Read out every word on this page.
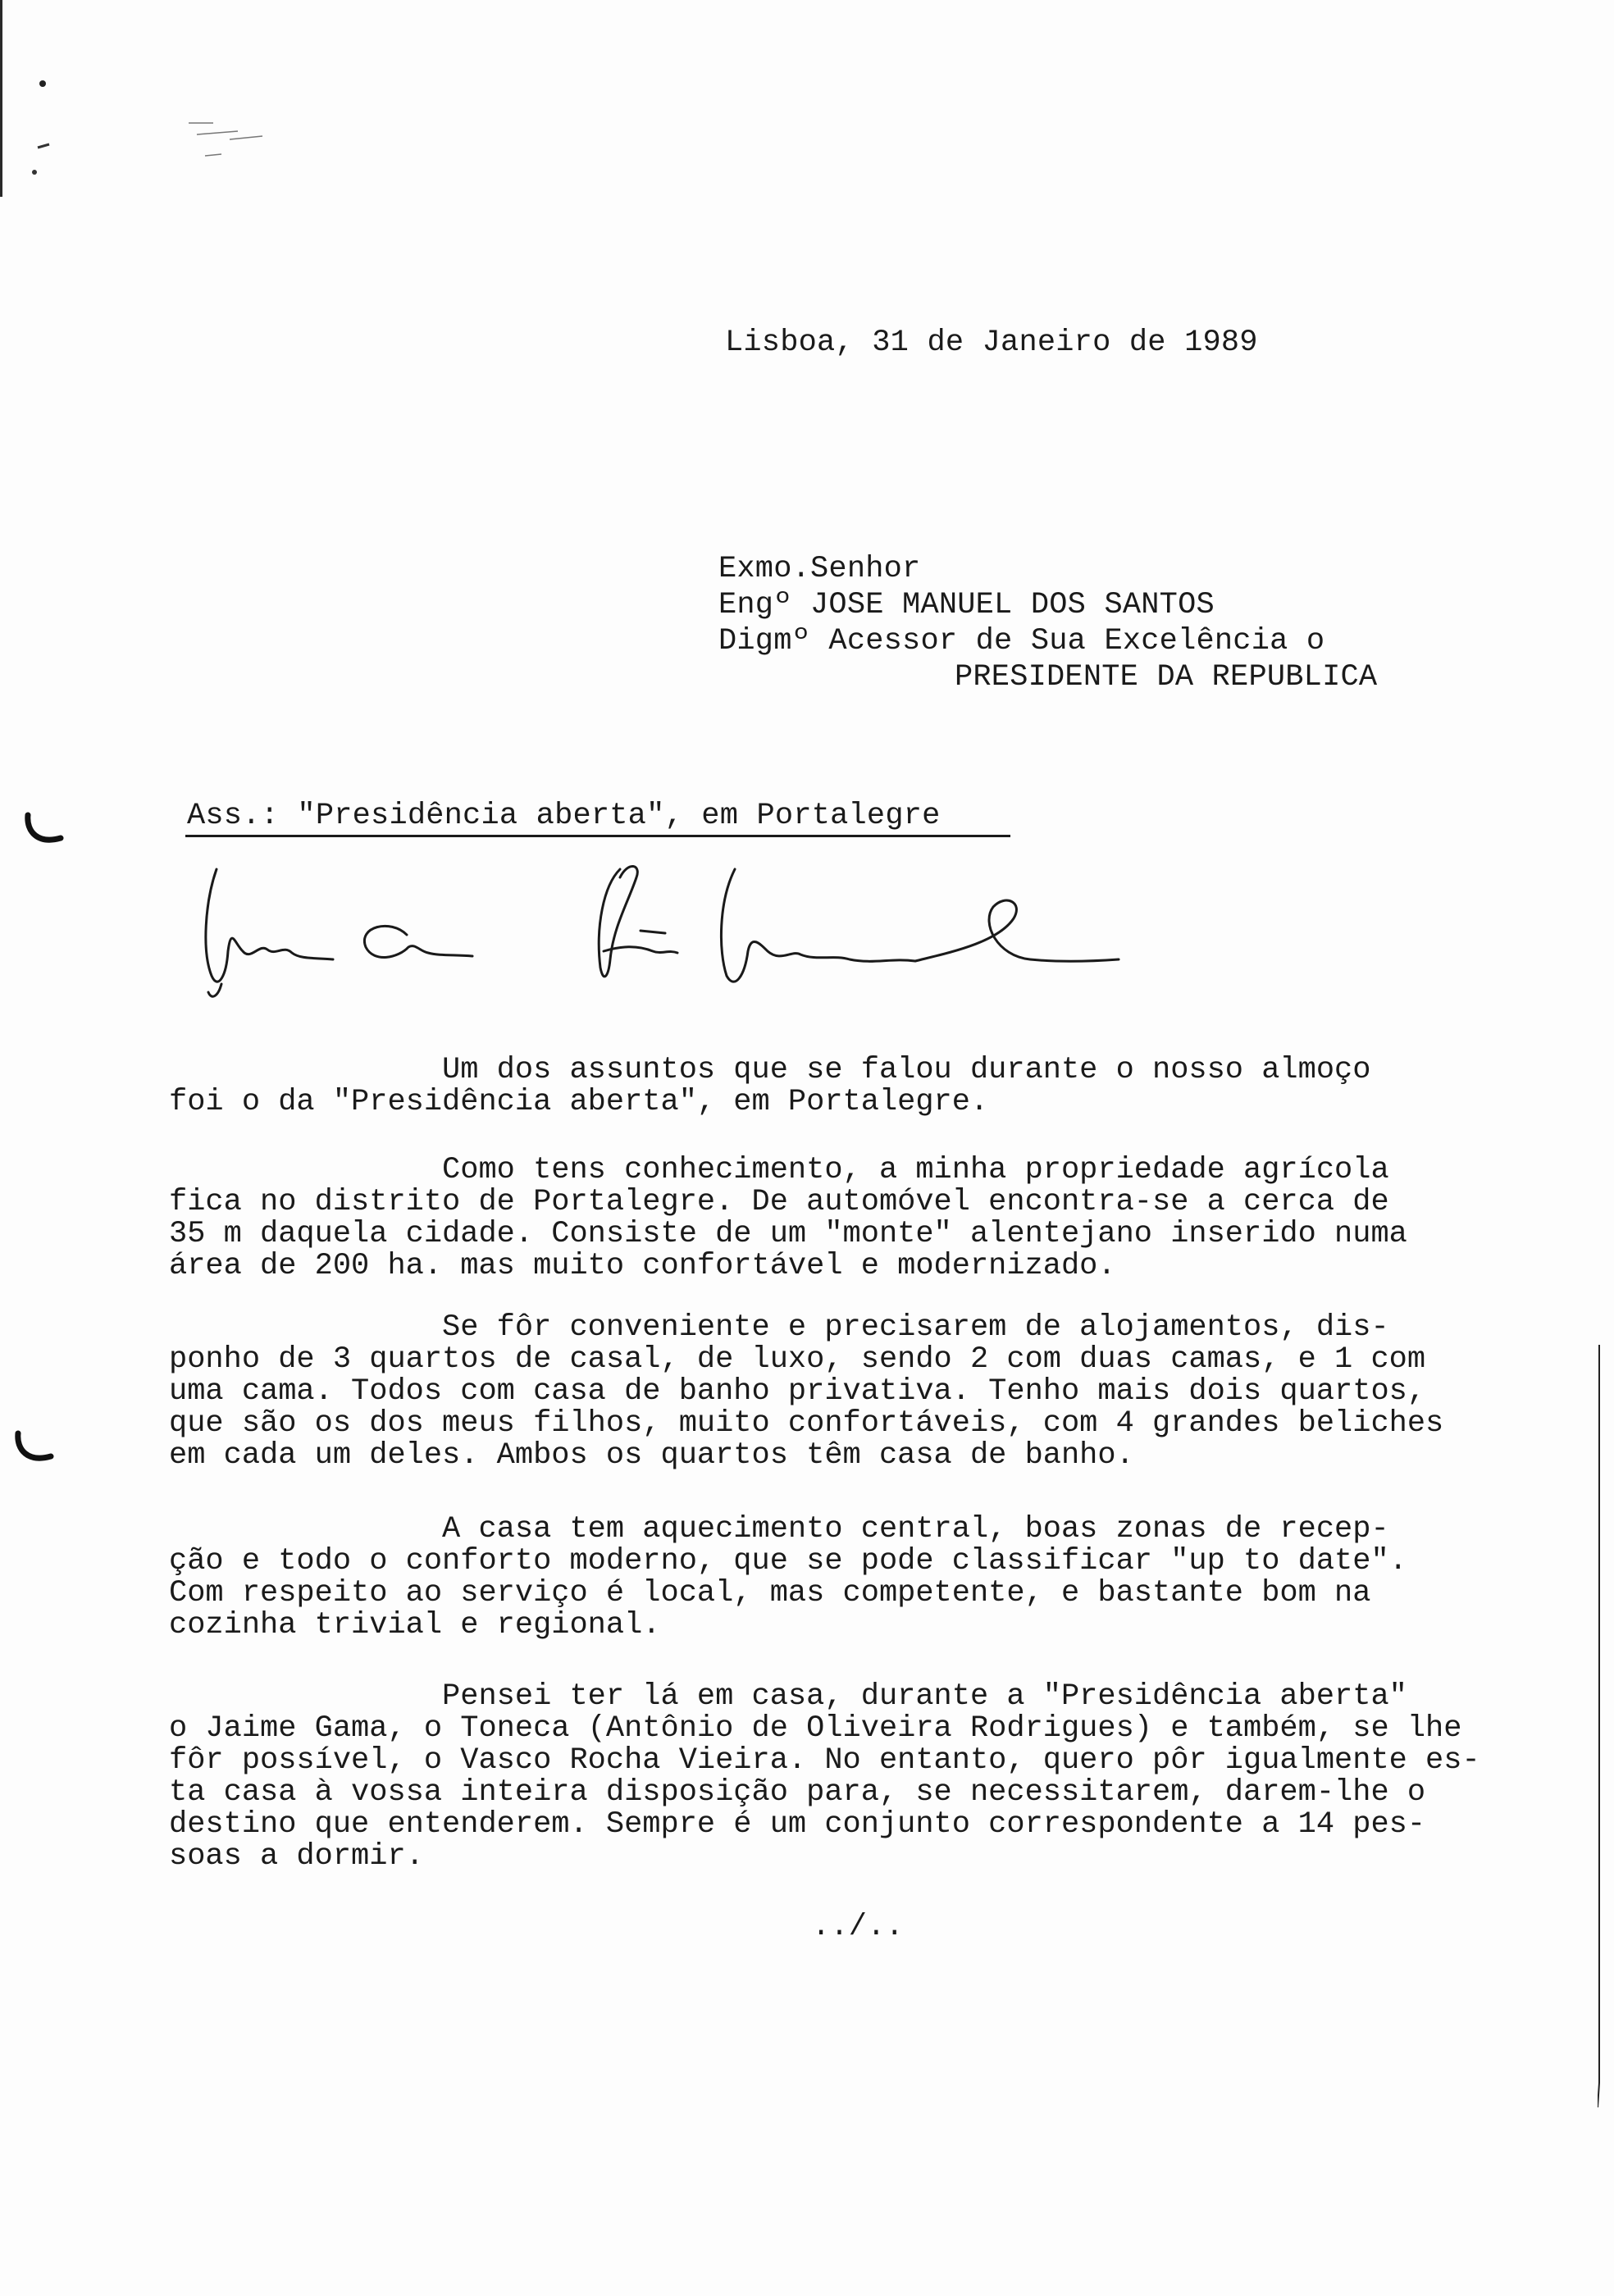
Lisboa, 31 de Janeiro de 1989
Exmo.Senhor
Engº JOSE MANUEL DOS SANTOS
Digmº Acessor de Sua Excelência o
PRESIDENTE DA REPUBLICA
Ass.: "Presidência aberta", em Portalegre
Um dos assuntos que se falou durante o nosso almoço
foi o da "Presidência aberta", em Portalegre.
Como tens conhecimento, a minha propriedade agrícola
fica no distrito de Portalegre. De automóvel encontra-se a cerca de
35 m daquela cidade. Consiste de um "monte" alentejano inserido numa
área de 200 ha. mas muito confortável e modernizado.
Se fôr conveniente e precisarem de alojamentos, dis-
ponho de 3 quartos de casal, de luxo, sendo 2 com duas camas, e 1 com
uma cama. Todos com casa de banho privativa. Tenho mais dois quartos,
que são os dos meus filhos, muito confortáveis, com 4 grandes beliches
em cada um deles. Ambos os quartos têm casa de banho.
A casa tem aquecimento central, boas zonas de recep-
ção e todo o conforto moderno, que se pode classificar "up to date".
Com respeito ao serviço é local, mas competente, e bastante bom na
cozinha trivial e regional.
Pensei ter lá em casa, durante a "Presidência aberta"
o Jaime Gama, o Toneca (Antônio de Oliveira Rodrigues) e também, se lhe
fôr possível, o Vasco Rocha Vieira. No entanto, quero pôr igualmente es-
ta casa à vossa inteira disposição para, se necessitarem, darem-lhe o
destino que entenderem. Sempre é um conjunto correspondente a 14 pes-
soas a dormir.
../..
